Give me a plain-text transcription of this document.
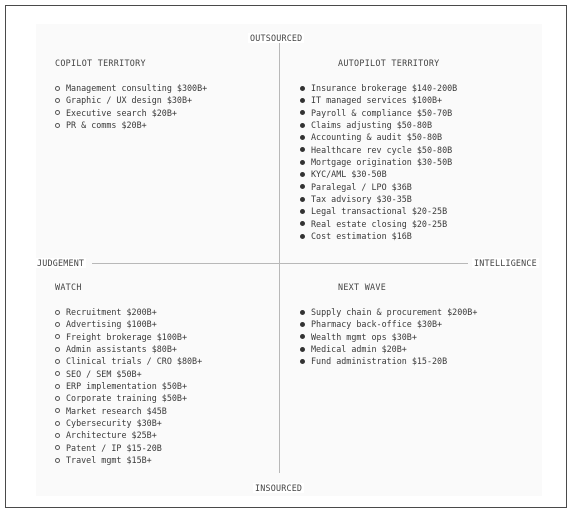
OUTSOURCED
INSOURCED
JUDGEMENT	INTELLIGENCE
COPILOT TERRITORY
Management consulting $300B+
Graphic / UX design $30B+
Executive search $20B+
PR & comms $20B+
AUTOPILOT TERRITORY
Insurance brokerage $140-200B
IT managed services $100B+
Payroll & compliance $50-70B
Claims adjusting $50-80B
Accounting & audit $50-80B
Healthcare rev cycle $50-80B
Mortgage origination $30-50B
KYC/AML $30-50B
Paralegal / LPO $36B
Tax advisory $30-35B
Legal transactional $20-25B
Real estate closing $20-25B
Cost estimation $16B
WATCH
Recruitment $200B+
Advertising $100B+
Freight brokerage $100B+
Admin assistants $80B+
Clinical trials / CRO $80B+
SEO / SEM $50B+
ERP implementation $50B+
Corporate training $50B+
Market research $45B
Cybersecurity $30B+
Architecture $25B+
Patent / IP $15-20B
Travel mgmt $15B+
NEXT WAVE
Supply chain & procurement $200B+
Pharmacy back-office $30B+
Wealth mgmt ops $30B+
Medical admin $20B+
Fund administration $15-20B
